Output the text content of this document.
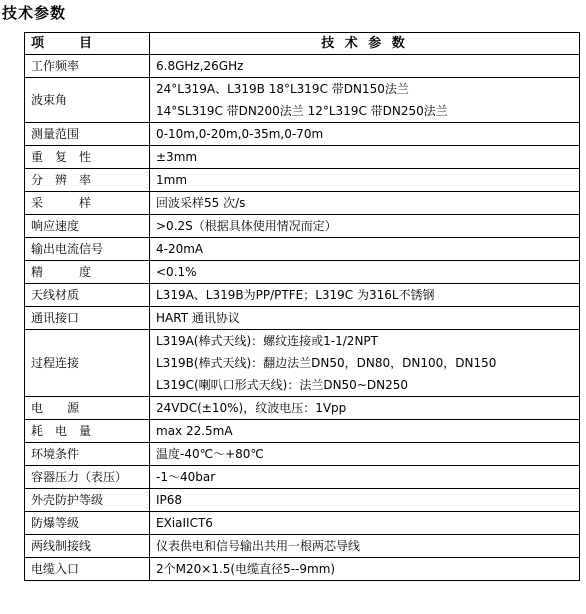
技术参数
项　　目	技 术 参 数
工作频率	6.8GHz,26GHz

波束角	24°L319A、L319B 18°L319C 带DN150法兰
14°SL319C 带DN200法兰 12°L319C 带DN250法兰

测量范围	0-10m,0-20m,0-35m,0-70m

重　复　性	±3mm

分　辨　率	1mm

采　　　样	回波采样55 次/s

响应速度	>0.2S（根据具体使用情况而定）

输出电流信号	4-20mA

精　　　度	<0.1%

天线材质	L319A、L319B为PP/PTFE；L319C 为316L不锈钢

通讯接口	HART 通讯协议

过程连接	L319A(棒式天线)：螺纹连接或1-1/2NPT
L319B(棒式天线)：翻边法兰DN50，DN80，DN100，DN150
L319C(喇叭口形式天线)：法兰DN50~DN250

电　　源	24VDC(±10%)，纹波电压：1Vpp

耗　电　量	max 22.5mA

环境条件	温度-40℃～+80℃

容器压力（表压）	-1～40bar

外壳防护等级	IP68

防爆等级	EXiaIICT6

两线制接线	仪表供电和信号输出共用一根两芯导线

电缆入口	2个M20×1.5(电缆直径5--9mm)
